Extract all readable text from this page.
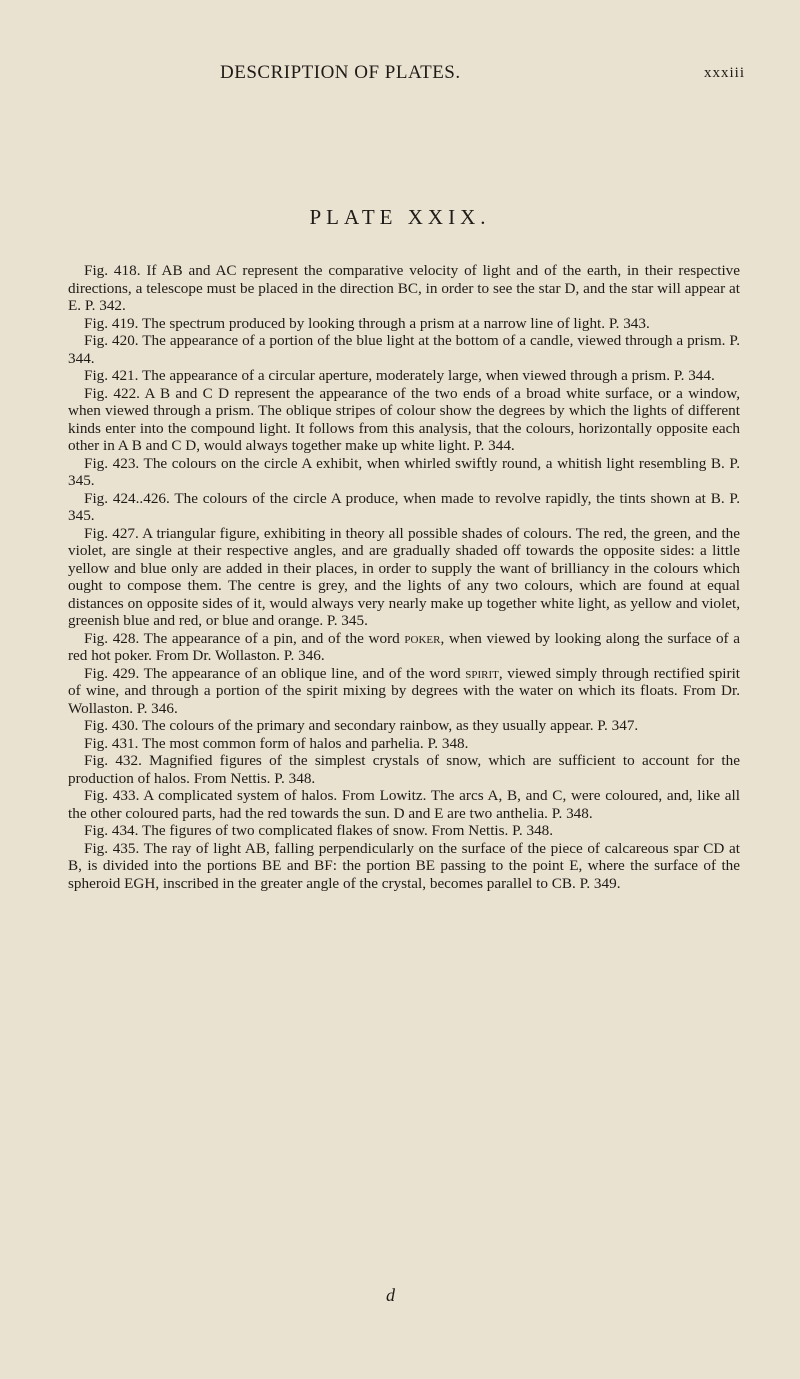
DESCRIPTION OF PLATES.	xxxiii
PLATE XXIX.

Fig. 418. If AB and AC represent the comparative velocity of light and of the earth, in their respective directions, a telescope must be placed in the direction BC, in order to see the star D, and the star will appear at E. P. 342.

Fig. 419. The spectrum produced by looking through a prism at a narrow line of light. P. 343.

Fig. 420. The appearance of a portion of the blue light at the bottom of a candle, viewed through a prism. P. 344.

Fig. 421. The appearance of a circular aperture, moderately large, when viewed through a prism. P. 344.

Fig. 422. A B and C D represent the appearance of the two ends of a broad white surface, or a window, when viewed through a prism. The oblique stripes of colour show the degrees by which the lights of different kinds enter into the compound light. It follows from this analysis, that the colours, horizontally opposite each other in A B and C D, would always together make up white light. P. 344.

Fig. 423. The colours on the circle A exhibit, when whirled swiftly round, a whitish light resembling B. P. 345.

Fig. 424..426. The colours of the circle A produce, when made to revolve rapidly, the tints shown at B. P. 345.

Fig. 427. A triangular figure, exhibiting in theory all possible shades of colours. The red, the green, and the violet, are single at their respective angles, and are gradually shaded off towards the opposite sides: a little yellow and blue only are added in their places, in order to supply the want of brilliancy in the colours which ought to compose them. The centre is grey, and the lights of any two colours, which are found at equal distances on opposite sides of it, would always very nearly make up together white light, as yellow and violet, greenish blue and red, or blue and orange. P. 345.

Fig. 428. The appearance of a pin, and of the word poker, when viewed by looking along the surface of a red hot poker. From Dr. Wollaston. P. 346.

Fig. 429. The appearance of an oblique line, and of the word spirit, viewed simply through rectified spirit of wine, and through a portion of the spirit mixing by degrees with the water on which its floats. From Dr. Wollaston. P. 346.

Fig. 430. The colours of the primary and secondary rainbow, as they usually appear. P. 347.

Fig. 431. The most common form of halos and parhelia. P. 348.

Fig. 432. Magnified figures of the simplest crystals of snow, which are sufficient to account for the production of halos. From Nettis. P. 348.

Fig. 433. A complicated system of halos. From Lowitz. The arcs A, B, and C, were coloured, and, like all the other coloured parts, had the red towards the sun. D and E are two anthelia. P. 348.

Fig. 434. The figures of two complicated flakes of snow. From Nettis. P. 348.

Fig. 435. The ray of light AB, falling perpendicularly on the surface of the piece of calcareous spar CD at B, is divided into the portions BE and BF: the portion BE passing to the point E, where the surface of the spheroid EGH, inscribed in the greater angle of the crystal, becomes parallel to CB. P. 349.

d
